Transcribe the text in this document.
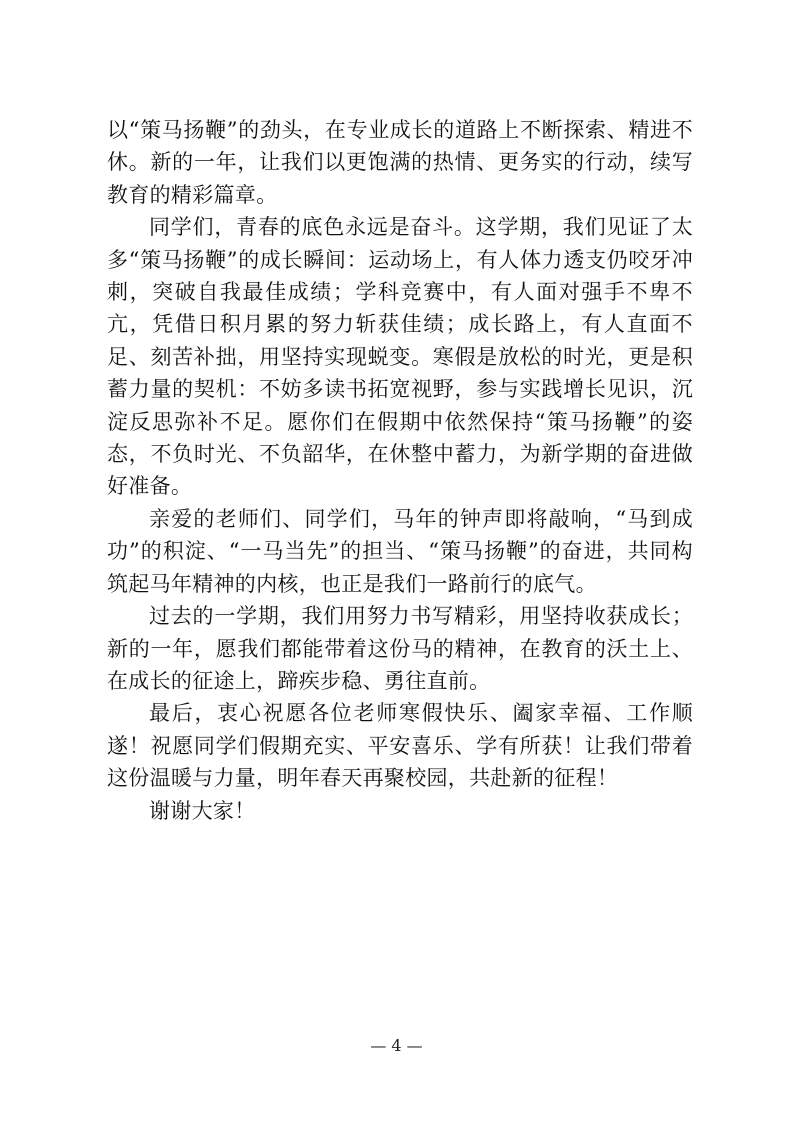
以“策马扬鞭”的劲头，在专业成长的道路上不断探索、精进不休。新的一年，让我们以更饱满的热情、更务实的行动，续写教育的精彩篇章。

同学们，青春的底色永远是奋斗。这学期，我们见证了太多“策马扬鞭”的成长瞬间：运动场上，有人体力透支仍咬牙冲刺，突破自我最佳成绩；学科竞赛中，有人面对强手不卑不亢，凭借日积月累的努力斩获佳绩；成长路上，有人直面不足、刻苦补拙，用坚持实现蜕变。寒假是放松的时光，更是积蓄力量的契机：不妨多读书拓宽视野，参与实践增长见识，沉淀反思弥补不足。愿你们在假期中依然保持“策马扬鞭”的姿态，不负时光、不负韶华，在休整中蓄力，为新学期的奋进做好准备。

亲爱的老师们、同学们，马年的钟声即将敲响，“马到成功”的积淀、“一马当先”的担当、“策马扬鞭”的奋进，共同构筑起马年精神的内核，也正是我们一路前行的底气。

过去的一学期，我们用努力书写精彩，用坚持收获成长；新的一年，愿我们都能带着这份马的精神，在教育的沃土上、在成长的征途上，蹄疾步稳、勇往直前。

最后，衷心祝愿各位老师寒假快乐、阖家幸福、工作顺遂！祝愿同学们假期充实、平安喜乐、学有所获！让我们带着这份温暖与力量，明年春天再聚校园，共赴新的征程！

谢谢大家！

— 4 —
